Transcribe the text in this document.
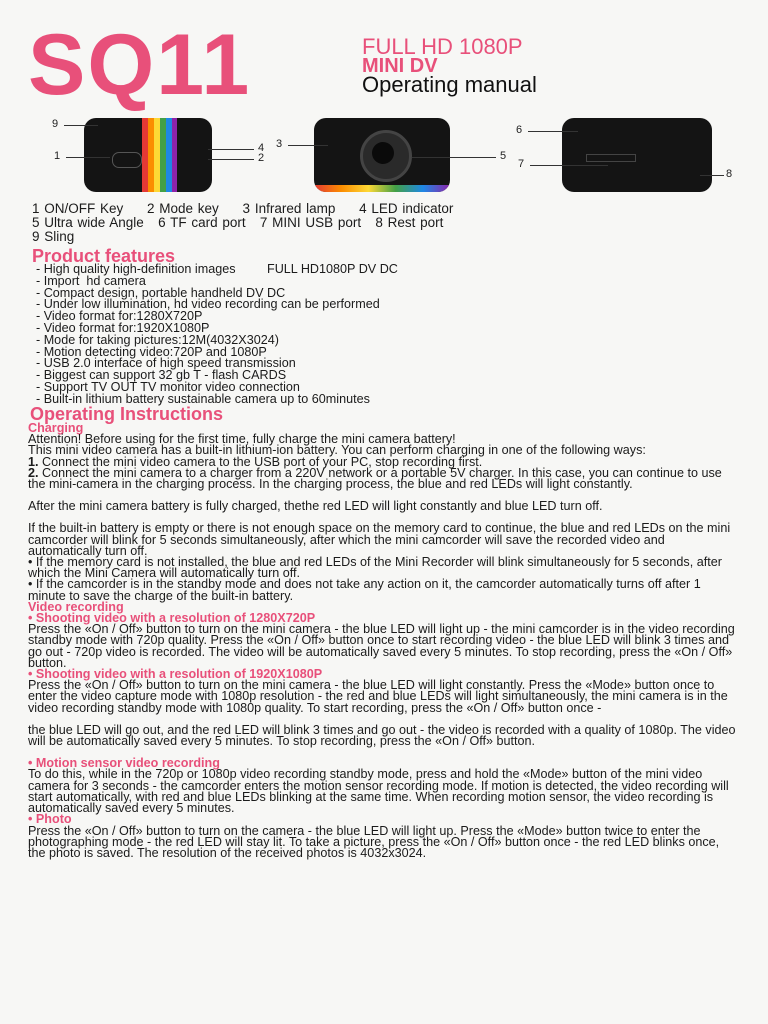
SQ11	FULL HD 1080P
MINI DV
Operating manual
9
1
4
2
3
5
6
7
8
1 ON/OFF Key     2 Mode key     3 Infrared lamp     4 LED indicator
5 Ultra wide Angle   6 TF card port   7 MINI USB port   8 Rest port
9 Sling
Product features
- High quality high-definition images         FULL HD1080P DV DC
- Import  hd camera
- Compact design, portable handheld DV DC
- Under low illumination, hd video recording can be performed
- Video format for:1280X720P
- Video format for:1920X1080P
- Mode for taking pictures:12M(4032X3024)
- Motion detecting video:720P and 1080P
- USB 2.0 interface of high speed transmission
- Biggest can support 32 gb T - flash CARDS
- Support TV OUT TV monitor video connection
- Built-in lithium battery sustainable camera up to 60minutes
Operating Instructions

Charging

Attention! Before using for the first time, fully charge the mini camera battery!

This mini video camera has a built-in lithium-ion battery. You can perform charging in one of the following ways:

1. Connect the mini video camera to the USB port of your PC, stop recording first.

2. Connect the mini camera to a charger from a 220V network or a portable 5V charger. In this case, you can continue to use the mini-camera in the charging process. In the charging process, the blue and red LEDs will light constantly.

After the mini camera battery is fully charged, thethe red LED will light constantly and blue LED turn off.

If the built-in battery is empty or there is not enough space on the memory card to continue, the blue and red LEDs on the mini camcorder will blink for 5 seconds simultaneously, after which the mini camcorder will save the recorded video and automatically turn off.

• If the memory card is not installed, the blue and red LEDs of the Mini Recorder will blink simultaneously for 5 seconds, after which the Mini Camera will automatically turn off.

• If the camcorder is in the standby mode and does not take any action on it, the camcorder automatically turns off after 1 minute to save the charge of the built-in battery.

Video recording

• Shooting video with a resolution of 1280X720P

Press the «On / Off» button to turn on the mini camera - the blue LED will light up - the mini camcorder is in the video recording standby mode with 720p quality. Press the «On / Off» button once to start recording video - the blue LED will blink 3 times and go out - 720p video is recorded. The video will be automatically saved every 5 minutes. To stop recording, press the «On / Off» button.

• Shooting video with a resolution of 1920X1080P

Press the «On / Off» button to turn on the mini camera - the blue LED will light constantly. Press the «Mode» button once to enter the video capture mode with 1080p resolution - the red and blue LEDs will light simultaneously, the mini camera is in the video recording standby mode with 1080p quality. To start recording, press the «On / Off» button once -

the blue LED will go out, and the red LED will blink 3 times and go out - the video is recorded with a quality of 1080p. The video will be automatically saved every 5 minutes. To stop recording, press the «On / Off» button.

• Motion sensor video recording

To do this, while in the 720p or 1080p video recording standby mode, press and hold the «Mode» button of the mini video camera for 3 seconds - the camcorder enters the motion sensor recording mode. If motion is detected, the video recording will start automatically, with red and blue LEDs blinking at the same time. When recording motion sensor, the video recording is automatically saved every 5 minutes.

• Photo

Press the «On / Off» button to turn on the camera - the blue LED will light up. Press the «Mode» button twice to enter the photographing mode - the red LED will stay lit. To take a picture, press the «On / Off» button once - the red LED blinks once, the photo is saved. The resolution of the received photos is 4032x3024.
